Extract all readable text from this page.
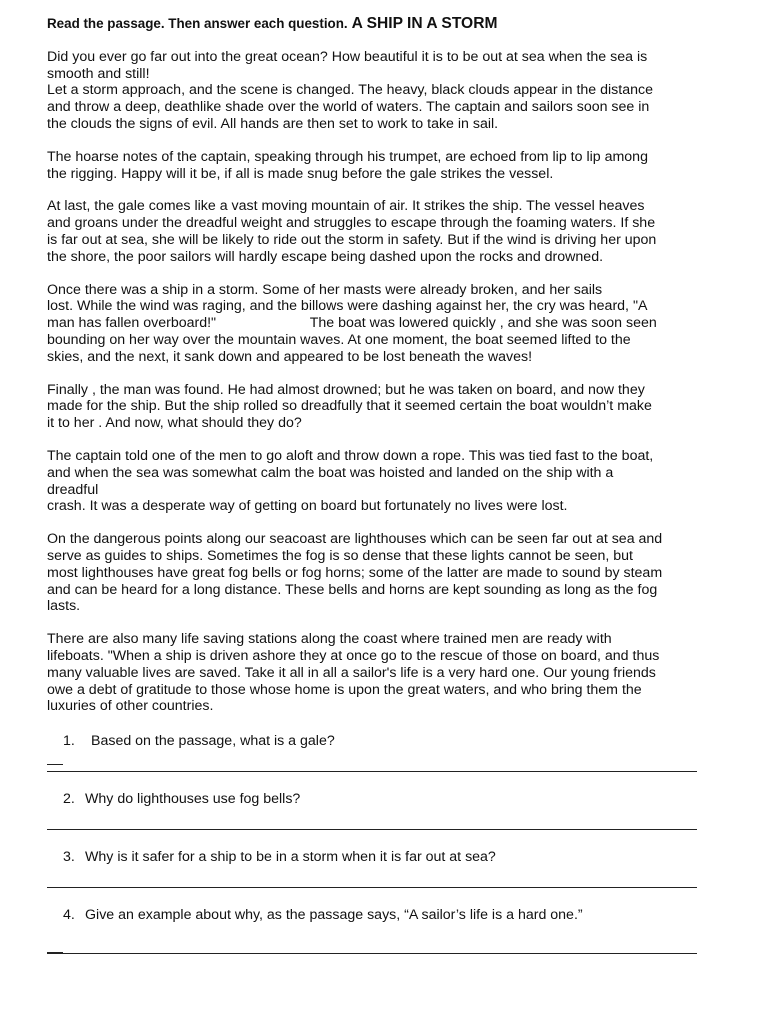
Read the passage. Then answer each question. A SHIP IN A STORM
Did you ever go far out into the great ocean? How beautiful it is to be out at sea when the sea is
smooth and still!
Let a storm approach, and the scene is changed. The heavy, black clouds appear in the distance
and throw a deep, deathlike shade over the world of waters. The captain and sailors soon see in
the clouds the signs of evil. All hands are then set to work to take in sail.
The hoarse notes of the captain, speaking through his trumpet, are echoed from lip to lip among
the rigging. Happy will it be, if all is made snug before the gale strikes the vessel.
At last, the gale comes like a vast moving mountain of air. It strikes the ship. The vessel heaves
and groans under the dreadful weight and struggles to escape through the foaming waters. If she
is far out at sea, she will be likely to ride out the storm in safety. But if the wind is driving her upon
the shore, the poor sailors will hardly escape being dashed upon the rocks and drowned.
Once there was a ship in a storm. Some of her masts were already broken, and her sails
lost. While the wind was raging, and the billows were dashing against her, the cry was heard, "A
man has fallen overboard!"	The boat was lowered quickly , and she was soon seen
bounding on her way over the mountain waves. At one moment, the boat seemed lifted to the
skies, and the next, it sank down and appeared to be lost beneath the waves!
Finally , the man was found. He had almost drowned; but he was taken on board, and now they
made for the ship. But the ship rolled so dreadfully that it seemed certain the boat wouldn’t make
it to her . And now, what should they do?
The captain told one of the men to go aloft and throw down a rope. This was tied fast to the boat,
and when the sea was somewhat calm the boat was hoisted and landed on the ship with a
dreadful
crash. It was a desperate way of getting on board but fortunately no lives were lost.
On the dangerous points along our seacoast are lighthouses which can be seen far out at sea and
serve as guides to ships. Sometimes the fog is so dense that these lights cannot be seen, but
most lighthouses have great fog bells or fog horns; some of the latter are made to sound by steam
and can be heard for a long distance. These bells and horns are kept sounding as long as the fog
lasts.
There are also many life saving stations along the coast where trained men are ready with
lifeboats. "When a ship is driven ashore they at once go to the rescue of those on board, and thus
many valuable lives are saved. Take it all in all a sailor's life is a very hard one. Our young friends
owe a debt of gratitude to those whose home is upon the great waters, and who bring them the
luxuries of other countries.
1. Based on the passage, what is a gale?
2. Why do lighthouses use fog bells?
3. Why is it safer for a ship to be in a storm when it is far out at sea?
4. Give an example about why, as the passage says, “A sailor’s life is a hard one.”
